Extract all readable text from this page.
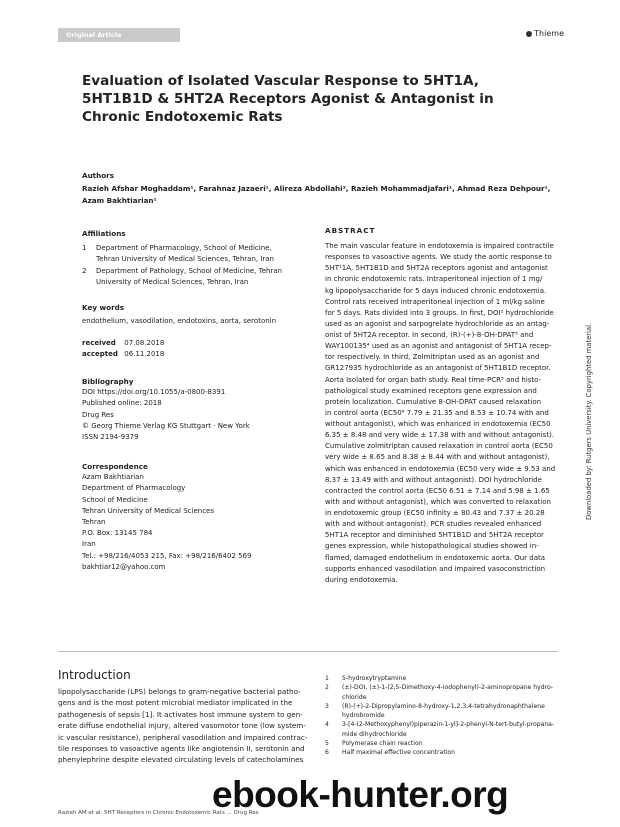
Original Article	Thieme
Evaluation of Isolated Vascular Response to 5HT1A,
5HT1B1D & 5HT2A Receptors Agonist & Antagonist in
Chronic Endotoxemic Rats
Authors
Razieh Afshar Moghaddam¹, Farahnaz Jazaeri¹, Alireza Abdollahi², Razieh Mohammadjafari¹, Ahmad Reza Dehpour¹,
Azam Bakhtiarian¹
Affiliations
1	Department of Pharmacology, School of Medicine,
Tehran University of Medical Sciences, Tehran, Iran
2	Department of Pathology, School of Medicine, Tehran
University of Medical Sciences, Tehran, Iran
Key words
endothelium, vasodilation, endotoxins, aorta, serotonin
received 07.08.2018
accepted 06.11.2018
Bibliography
DOI https://doi.org/10.1055/a-0800-8391
Published online: 2018
Drug Res
© Georg Thieme Verlag KG Stuttgart · New York
ISSN 2194-9379
Correspondence
Azam Bakhtiarian
Department of Pharmacology
School of Medicine
Tehran University of Medical Sciences
Tehran
P.O. Box: 13145 784
Iran
Tel.: +98/216/4053 215, Fax: +98/216/6402 569
bakhtiar12@yahoo.com
ABSTRACT
The main vascular feature in endotoxemia is impaired contractile
responses to vasoactive agents. We study the aortic response to
5HT¹1A, 5HT1B1D and 5HT2A receptors agonist and antagonist
in chronic endotoxemic rats. Intraperitoneal injection of 1 mg/
kg lipopolysaccharide for 5 days induced chronic endotoxemia.
Control rats received intraperitoneal injection of 1 ml/kg saline
for 5 days. Rats divided into 3 groups. In first, DOI² hydrochloride
used as an agonist and sarpogrelate hydrochloride as an antag-
onist of 5HT2A receptor. In second, (R)-(+)-8-OH-DPAT³ and
WAY100135⁴ used as an agonist and antagonist of 5HT1A recep-
tor respectively. In third, Zolmitriptan used as an agonist and
GR127935 hydrochloride as an antagonist of 5HT1B1D receptor.
Aorta Isolated for organ bath study. Real time-PCR⁵ and histo-
pathological study examined receptors gene expression and
protein localization. Cumulative 8-OH-DPAT caused relaxation
in control aorta (EC50⁶ 7.79 ± 21.35 and 8.53 ± 10.74 with and
without antagonist), which was enhanced in endotoxemia (EC50
6.35 ± 8.48 and very wide ± 17.38 with and without antagonist).
Cumulative zolmitriptan caused relaxation in control aorta (EC50
very wide ± 8.65 and 8.38 ± 8.44 with and without antagonist),
which was enhanced in endotoxemia (EC50 very wide ± 9.53 and
8.37 ± 13.49 with and without antagonist). DOI hydrochloride
contracted the control aorta (EC50 6.51 ± 7.14 and 5.98 ± 1.65
with and without antagonist), which was converted to relaxation
in endotoxemic group (EC50 infinity ± 80.43 and 7.37 ± 20.28
with and without antagonist). PCR studies revealed enhanced
5HT1A receptor and diminished 5HT1B1D and 5HT2A receptor
genes expression, while histopathological studies showed in-
flamed, damaged endothelium in endotoxemic aorta. Our data
supports enhanced vasodilation and impaired vasoconstriction
during endotoxemia.
Downloaded by: Rutgers University. Copyrighted material.
Introduction
lipopolysaccharide (LPS) belongs to gram-negative bacterial patho-
gens and is the most potent microbial mediator implicated in the
pathogenesis of sepsis [1]. It activates host immune system to gen-
erate diffuse endothelial injury, altered vasomotor tone (low system-
ic vascular resistance), peripheral vasodilation and impaired contrac-
tile responses to vasoactive agents like angiotensin II, serotonin and
phenylephrine despite elevated circulating levels of catecholamines
1	5-hydroxytryptamine
2	(±)-DOI, (±)-1-(2,5-Dimethoxy-4-iodophenyl)-2-aminopropane hydro-
chloride
3	(R)-(+)-2-Dipropylamino-8-hydroxy-1,2,3,4-tetrahydronaphthalene
hydrobromide
4	3-[4-(2-Methoxyphenyl)piperazin-1-yl]-2-phenyl-N-tert-butyl-propana-
mide dihydrochloride
5	Polymerase chain reaction
6	Half maximal effective concentration
Razieh AM et al. 5HT Receptors in Chronic Endotoxemic Rats ... Drug Res
ebook-hunter.org
